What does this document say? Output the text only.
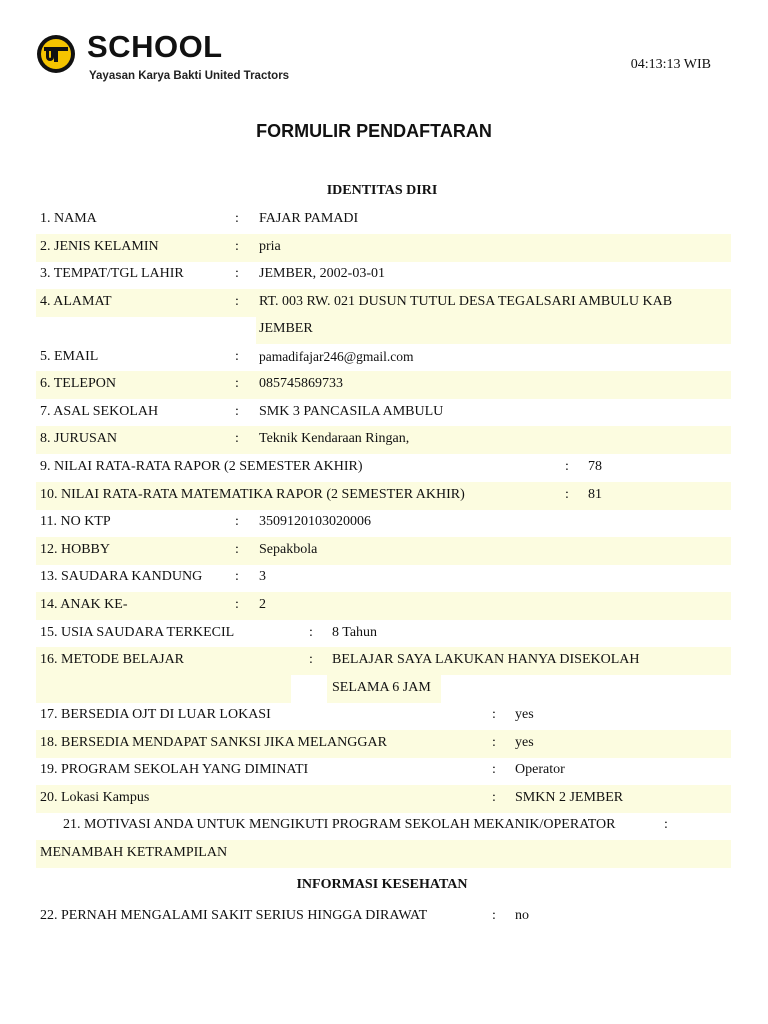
SCHOOL
Yayasan Karya Bakti United Tractors
04:13:13 WIB
FORMULIR PENDAFTARAN
IDENTITAS DIRI
1. NAMA	: FAJAR PAMADI
2. JENIS KELAMIN	: pria
3. TEMPAT/TGL LAHIR	: JEMBER, 2002-03-01
4. ALAMAT	: RT. 003 RW. 021 DUSUN TUTUL DESA TEGALSARI AMBULU KAB
JEMBER
5. EMAIL	: pamadifajar246@gmail.com
6. TELEPON	: 085745869733
7. ASAL SEKOLAH	: SMK 3 PANCASILA AMBULU
8. JURUSAN	: Teknik Kendaraan Ringan,
9. NILAI RATA-RATA RAPOR (2 SEMESTER AKHIR)	: 78
10. NILAI RATA-RATA MATEMATIKA RAPOR (2 SEMESTER AKHIR)	: 81
11. NO KTP	: 3509120103020006
12. HOBBY	: Sepakbola
13. SAUDARA KANDUNG : 3
14. ANAK KE-	: 2
15. USIA SAUDARA TERKECIL	: 8 Tahun
16. METODE BELAJAR	: BELAJAR SAYA LAKUKAN HANYA DISEKOLAH
SELAMA 6 JAM
17. BERSEDIA OJT DI LUAR LOKASI	: yes
18. BERSEDIA MENDAPAT SANKSI JIKA MELANGGAR	: yes
19. PROGRAM SEKOLAH YANG DIMINATI	: Operator
20. Lokasi Kampus	: SMKN 2 JEMBER
21. MOTIVASI ANDA UNTUK MENGIKUTI PROGRAM SEKOLAH MEKANIK/OPERATOR	:
MENAMBAH KETRAMPILAN
INFORMASI KESEHATAN
22. PERNAH MENGALAMI SAKIT SERIUS HINGGA DIRAWAT	: no
